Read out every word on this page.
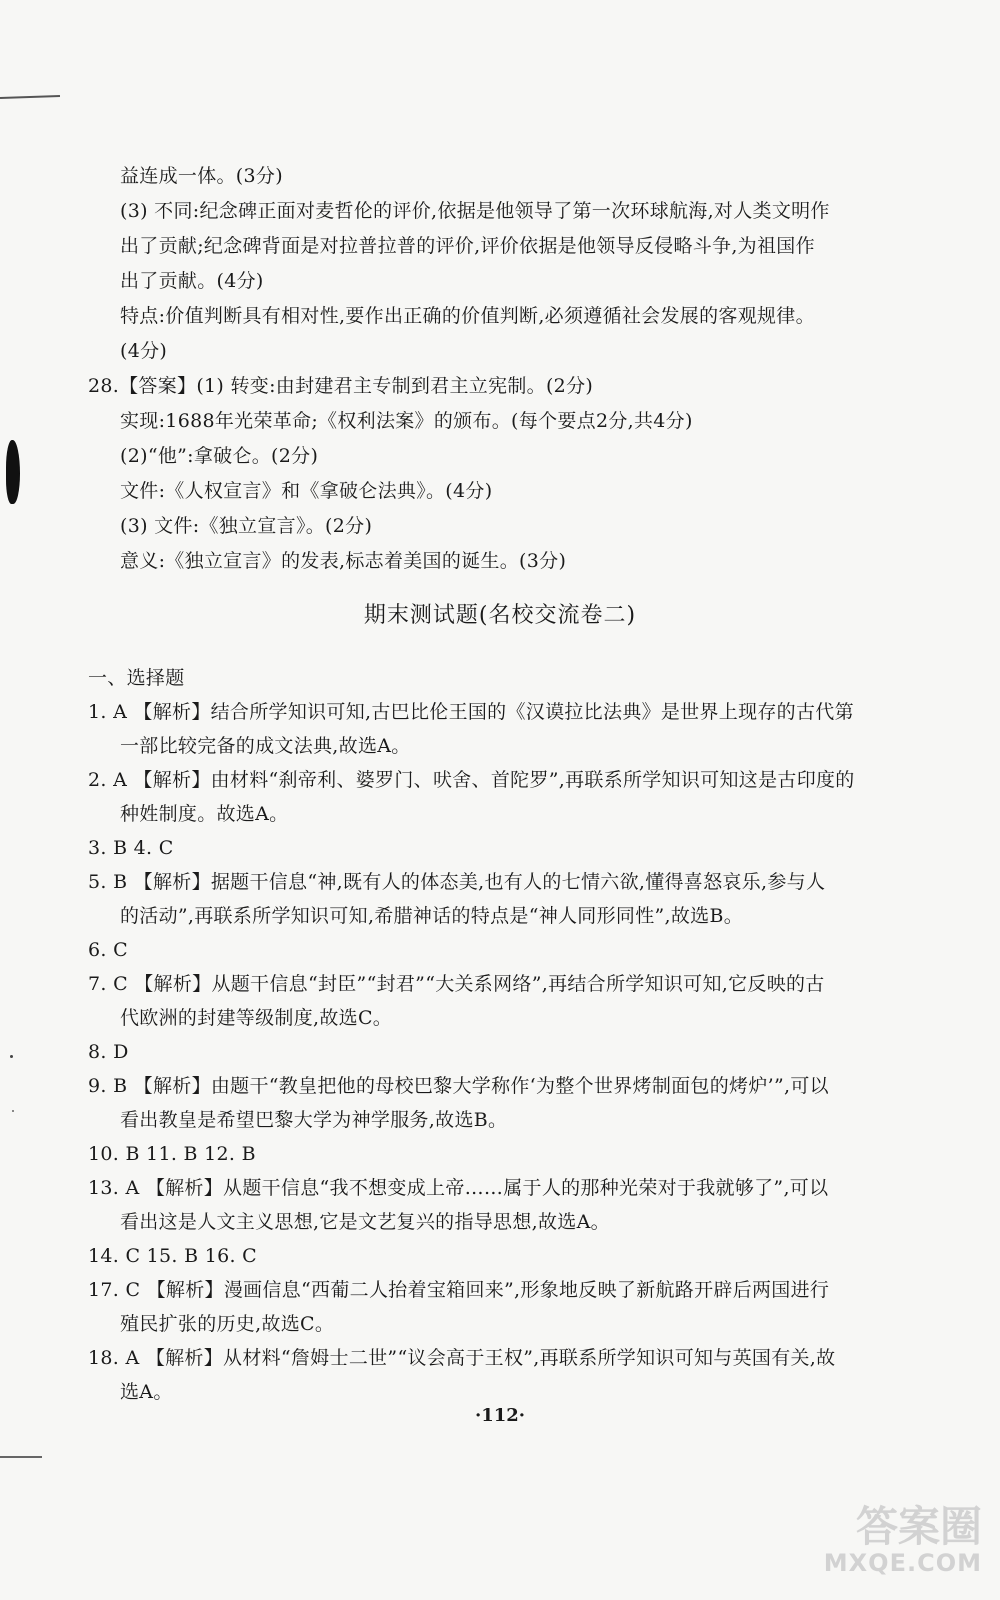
益连成一体。(3分)
(3) 不同:纪念碑正面对麦哲伦的评价,依据是他领导了第一次环球航海,对人类文明作
出了贡献;纪念碑背面是对拉普拉普的评价,评价依据是他领导反侵略斗争,为祖国作
出了贡献。(4分)
特点:价值判断具有相对性,要作出正确的价值判断,必须遵循社会发展的客观规律。
(4分)
28.【答案】(1) 转变:由封建君主专制到君主立宪制。(2分)
实现:1688年光荣革命;《权利法案》的颁布。(每个要点2分,共4分)
(2)“他”:拿破仑。(2分)
文件:《人权宣言》和《拿破仑法典》。(4分)
(3) 文件:《独立宣言》。(2分)
意义:《独立宣言》的发表,标志着美国的诞生。(3分)
期末测试题(名校交流卷二)
一、选择题
1. A 【解析】结合所学知识可知,古巴比伦王国的《汉谟拉比法典》是世界上现存的古代第
一部比较完备的成文法典,故选A。
2. A 【解析】由材料“刹帝利、婆罗门、吠舍、首陀罗”,再联系所学知识可知这是古印度的
种姓制度。故选A。
3. B 4. C
5. B 【解析】据题干信息“神,既有人的体态美,也有人的七情六欲,懂得喜怒哀乐,参与人
的活动”,再联系所学知识可知,希腊神话的特点是“神人同形同性”,故选B。
6. C
7. C 【解析】从题干信息“封臣”“封君”“大关系网络”,再结合所学知识可知,它反映的古
代欧洲的封建等级制度,故选C。
8. D
9. B 【解析】由题干“教皇把他的母校巴黎大学称作‘为整个世界烤制面包的烤炉’”,可以
看出教皇是希望巴黎大学为神学服务,故选B。
10. B 11. B 12. B
13. A 【解析】从题干信息“我不想变成上帝……属于人的那种光荣对于我就够了”,可以
看出这是人文主义思想,它是文艺复兴的指导思想,故选A。
14. C 15. B 16. C
17. C 【解析】漫画信息“西葡二人抬着宝箱回来”,形象地反映了新航路开辟后两国进行
殖民扩张的历史,故选C。
18. A 【解析】从材料“詹姆士二世”“议会高于王权”,再联系所学知识可知与英国有关,故
选A。
·112·
答案圈
MXQE.COM
